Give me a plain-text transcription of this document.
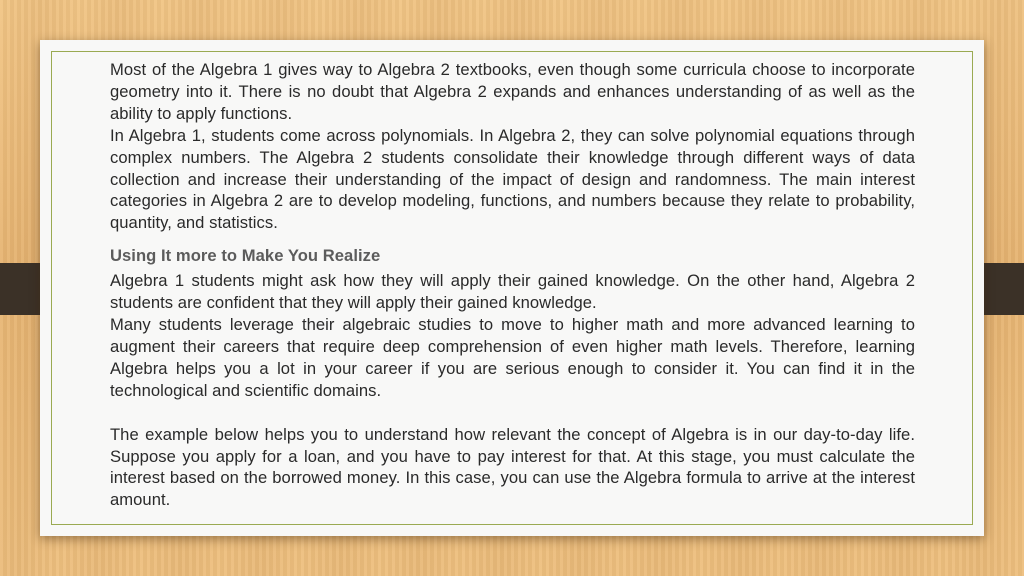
Most of the Algebra 1 gives way to Algebra 2 textbooks, even though some curricula choose to incorporate geometry into it. There is no doubt that Algebra 2 expands and enhances understanding of as well as the ability to apply functions.

In Algebra 1, students come across polynomials. In Algebra 2, they can solve polynomial equations through complex numbers. The Algebra 2 students consolidate their knowledge through different ways of data collection and increase their understanding of the impact of design and randomness. The main interest categories in Algebra 2 are to develop modeling, functions, and numbers because they relate to probability, quantity, and statistics.

Using It more to Make You Realize

Algebra 1 students might ask how they will apply their gained knowledge. On the other hand, Algebra 2 students are confident that they will apply their gained knowledge.

Many students leverage their algebraic studies to move to higher math and more advanced learning to augment their careers that require deep comprehension of even higher math levels. Therefore, learning Algebra helps you a lot in your career if you are serious enough to consider it. You can find it in the technological and scientific domains.

The example below helps you to understand how relevant the concept of Algebra is in our day-to-day life. Suppose you apply for a loan, and you have to pay interest for that. At this stage, you must calculate the interest based on the borrowed money. In this case, you can use the Algebra formula to arrive at the interest amount.
